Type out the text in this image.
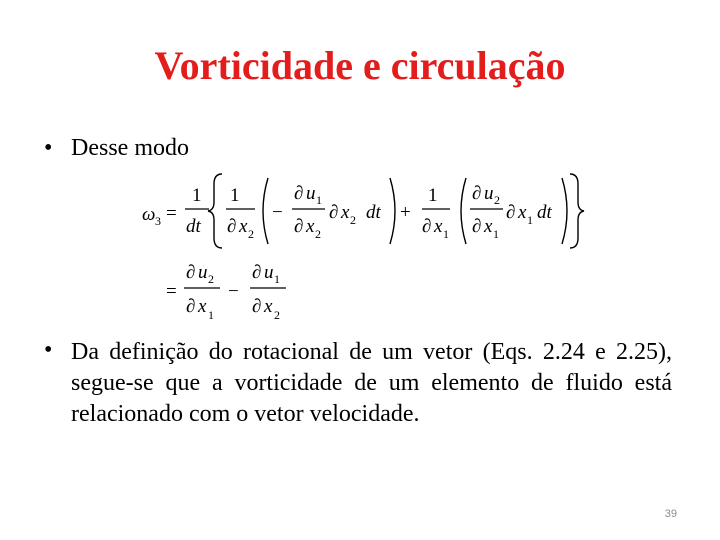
Vorticidade e circulação
• Desse modo
ω 3 =
1
dt
1
∂ x 2
−
∂ u 1
∂ x 2
∂ x 2 dt +
1
∂ x 1
∂ u 2
∂ x 1
∂ x 1 dt
=
∂ u 2
∂ x 1
−
∂ u 1
∂ x 2
• Da definição do rotacional de um vetor (Eqs. 2.24 e 2.25), segue-se que a vorticidade de um elemento de fluido está relacionado com o vetor velocidade.
39
